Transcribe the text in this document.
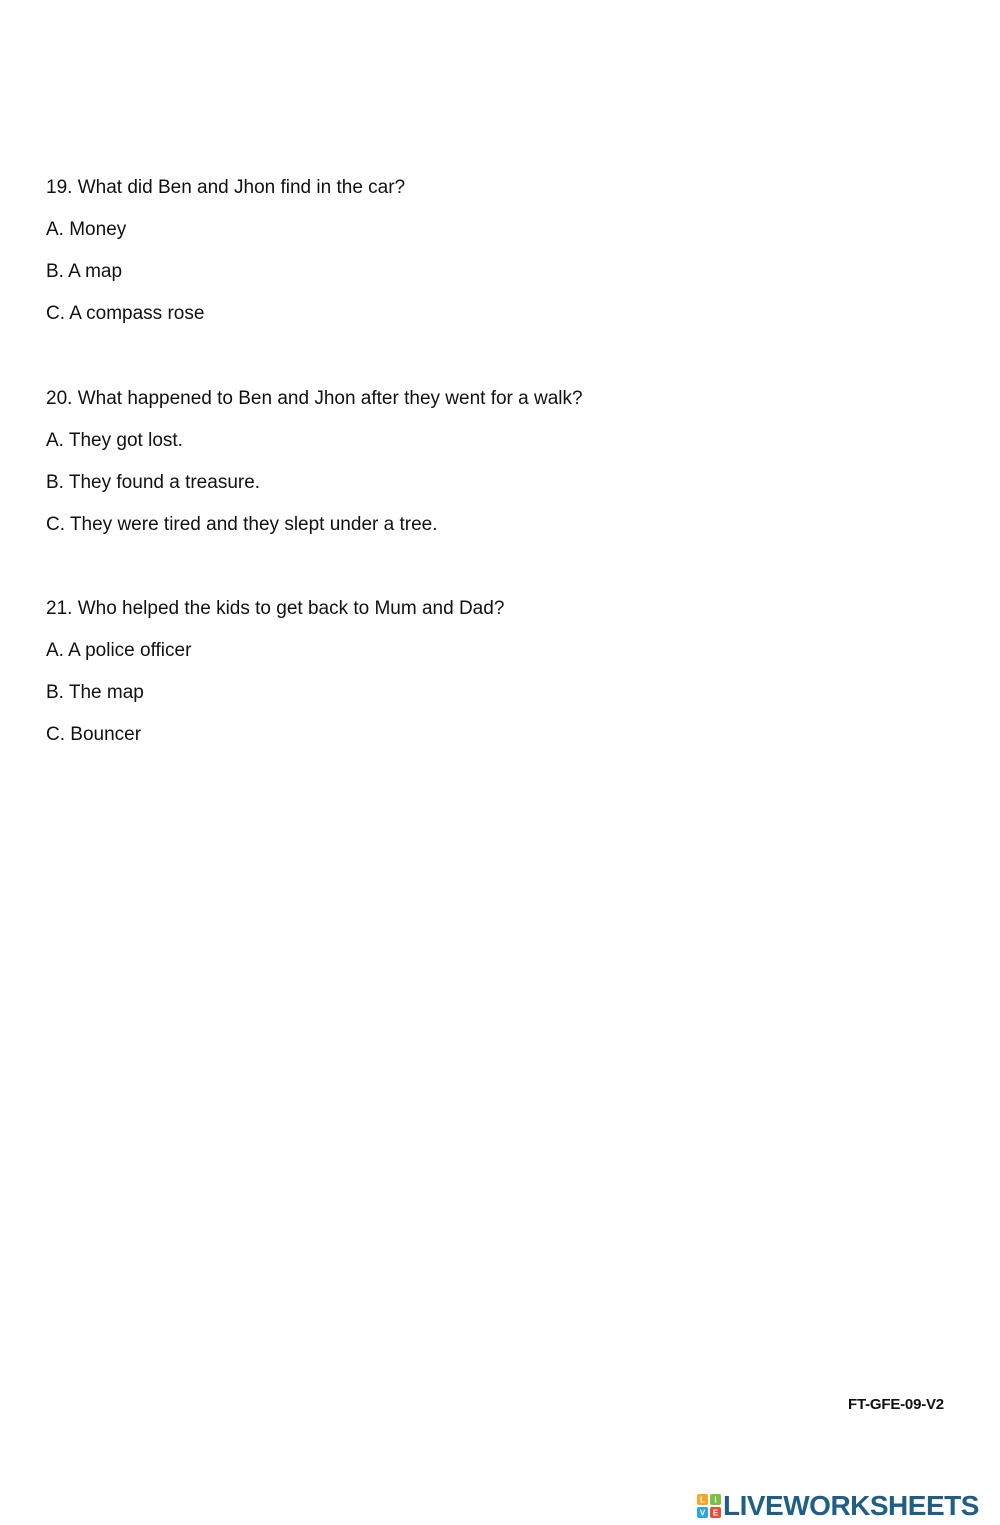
19. What did Ben and Jhon find in the car?
A. Money
B. A map
C. A compass rose
20. What happened to Ben and Jhon after they went for a walk?
A. They got lost.
B. They found a treasure.
C. They were tired and they slept under a tree.
21. Who helped the kids to get back to Mum and Dad?
A. A police officer
B. The map
C. Bouncer
FT-GFE-09-V2
L I
V E LIVEWORKSHEETS
